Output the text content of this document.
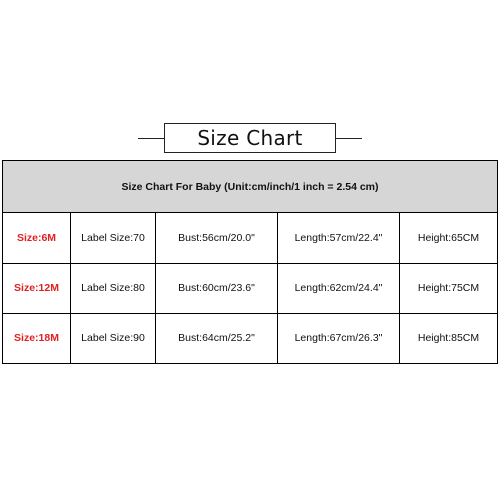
Size Chart
Size Chart For Baby (Unit:cm/inch/1 inch = 2.54 cm)
Size:6M	Label Size:70	Bust:56cm/20.0"	Length:57cm/22.4"	Height:65CM
Size:12M	Label Size:80	Bust:60cm/23.6"	Length:62cm/24.4"	Height:75CM
Size:18M	Label Size:90	Bust:64cm/25.2"	Length:67cm/26.3"	Height:85CM
